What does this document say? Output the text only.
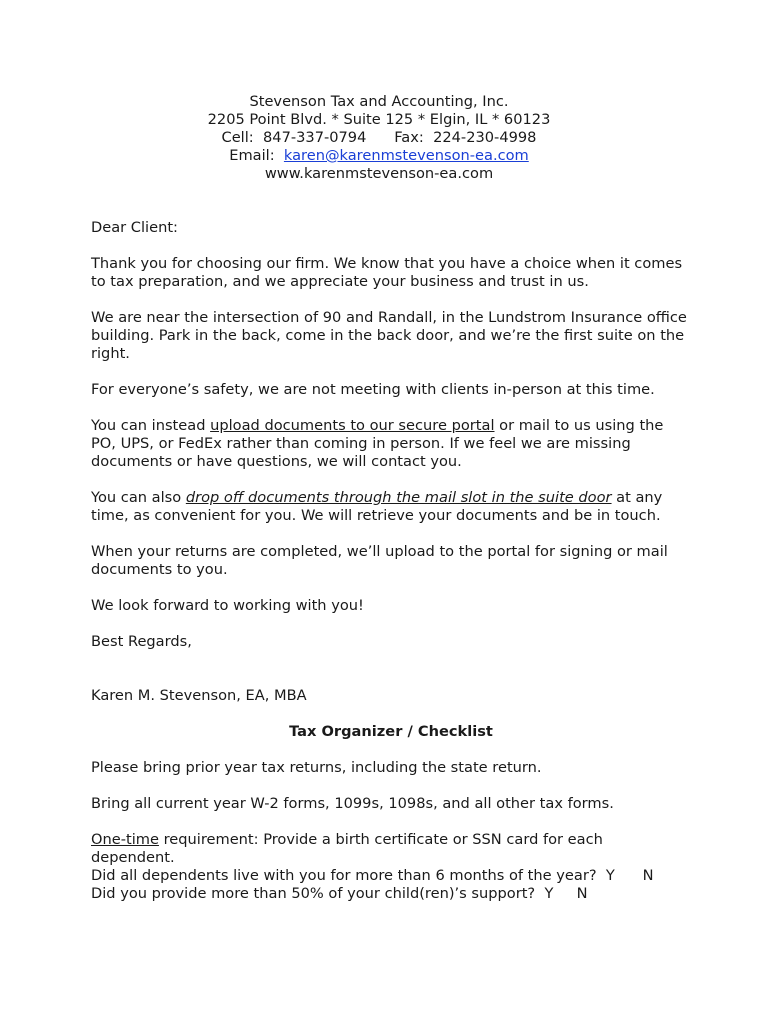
Stevenson Tax and Accounting, Inc.
2205 Point Blvd. * Suite 125 * Elgin, IL * 60123
Cell: 847-337-0794 Fax: 224-230-4998
Email: karen@karenmstevenson-ea.com
www.karenmstevenson-ea.com

Dear Client:

Thank you for choosing our firm. We know that you have a choice when it comes to tax preparation, and we appreciate your business and trust in us.

We are near the intersection of 90 and Randall, in the Lundstrom Insurance office building. Park in the back, come in the back door, and we’re the first suite on the right.

For everyone’s safety, we are not meeting with clients in-person at this time.

You can instead upload documents to our secure portal or mail to us using the PO, UPS, or FedEx rather than coming in person. If we feel we are missing documents or have questions, we will contact you.

You can also drop off documents through the mail slot in the suite door at any time, as convenient for you. We will retrieve your documents and be in touch.

When your returns are completed, we’ll upload to the portal for signing or mail documents to you.

We look forward to working with you!

Best Regards,

Karen M. Stevenson, EA, MBA

Tax Organizer / Checklist

Please bring prior year tax returns, including the state return.

Bring all current year W-2 forms, 1099s, 1098s, and all other tax forms.

One-time requirement: Provide a birth certificate or SSN card for each dependent.

Did all dependents live with you for more than 6 months of the year? Y N

Did you provide more than 50% of your child(ren)’s support? Y N
